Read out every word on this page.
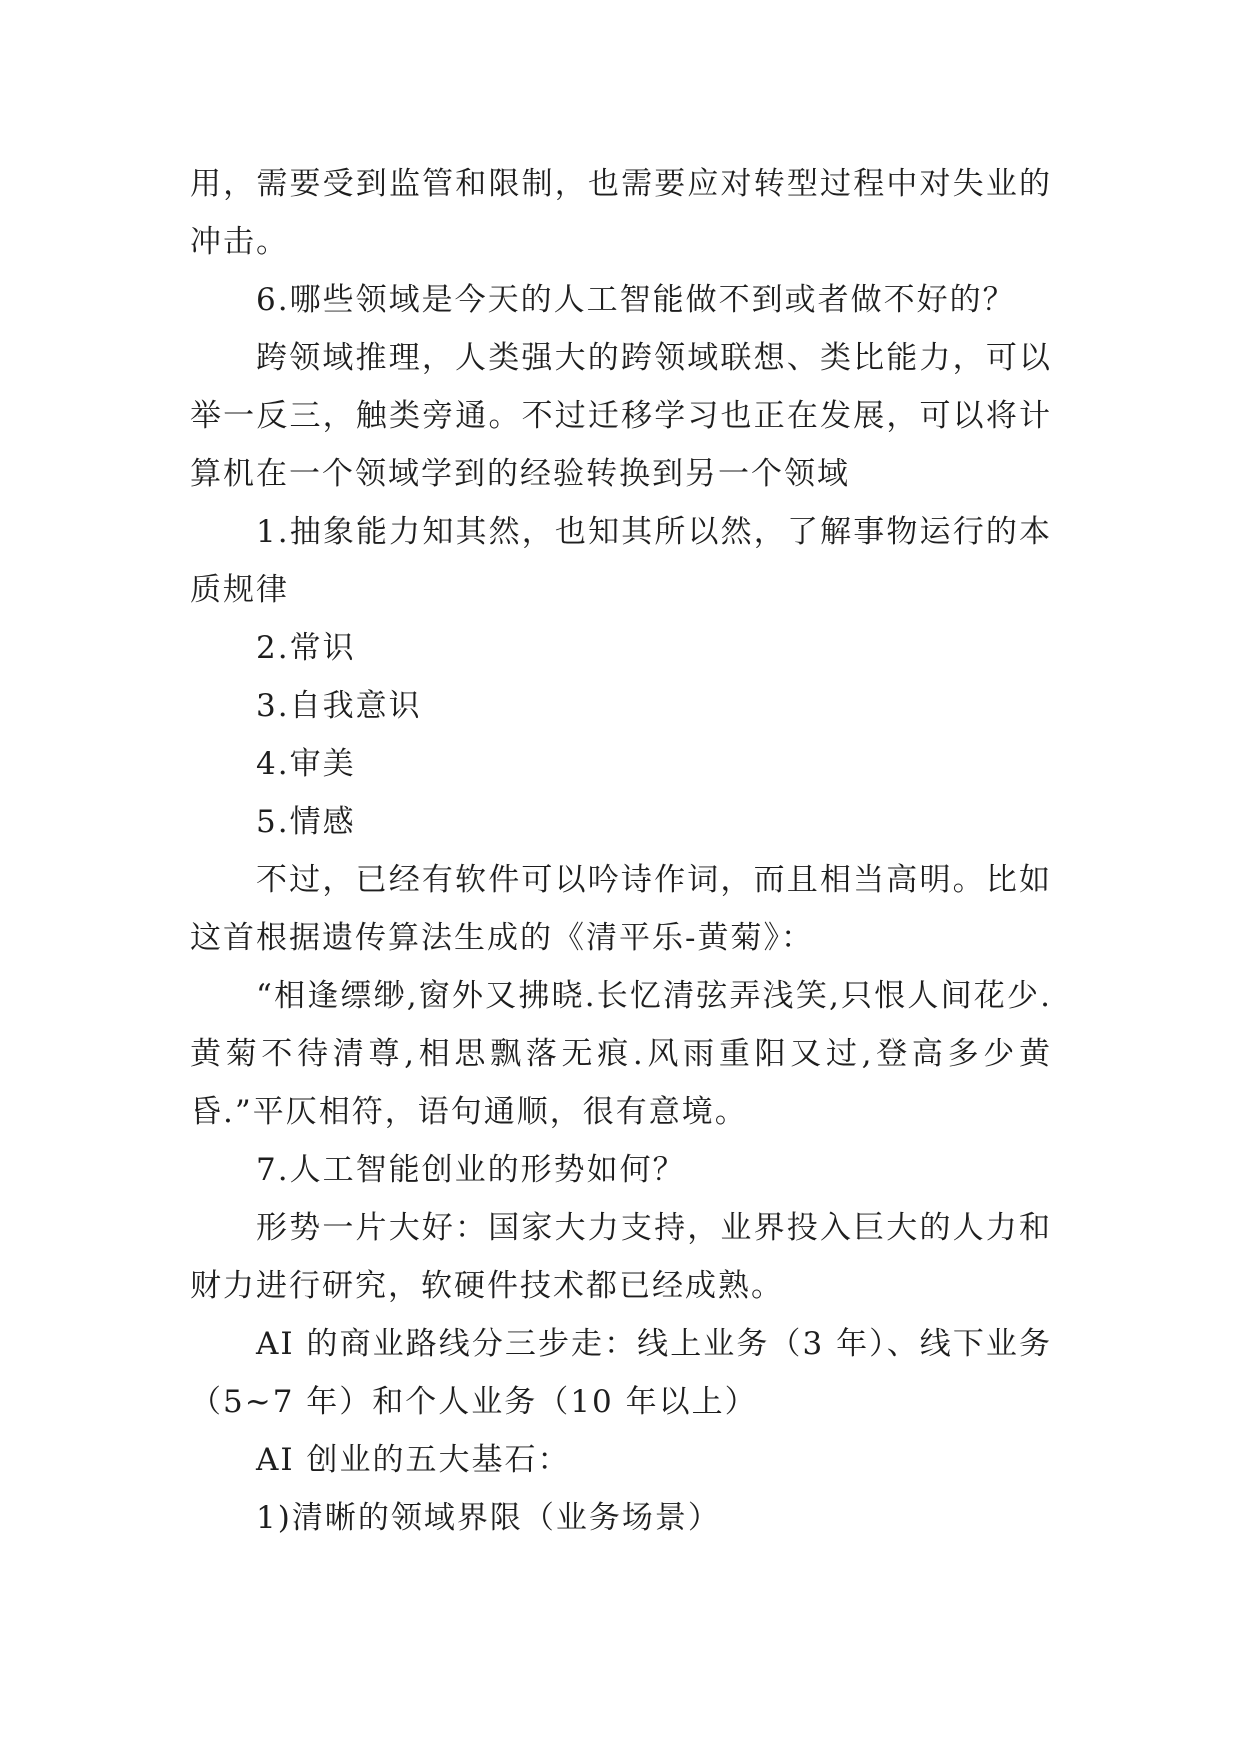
用，需要受到监管和限制，也需要应对转型过程中对失业的冲击。

6.哪些领域是今天的人工智能做不到或者做不好的？

跨领域推理，人类强大的跨领域联想、类比能力，可以举一反三，触类旁通。不过迁移学习也正在发展，可以将计算机在一个领域学到的经验转换到另一个领域

1.抽象能力知其然，也知其所以然，了解事物运行的本质规律

2.常识

3.自我意识

4.审美

5.情感

不过，已经有软件可以吟诗作词，而且相当高明。比如这首根据遗传算法生成的《清平乐-黄菊》：

“相逢缥缈,窗外又拂晓.长忆清弦弄浅笑,只恨人间花少.黄菊不待清尊,相思飘落无痕.风雨重阳又过,登高多少黄昏.”平仄相符，语句通顺，很有意境。

7.人工智能创业的形势如何？

形势一片大好：国家大力支持，业界投入巨大的人力和财力进行研究，软硬件技术都已经成熟。

AI 的商业路线分三步走：线上业务（3 年）、线下业务（5~7 年）和个人业务（10 年以上）

AI 创业的五大基石：

1)清晰的领域界限（业务场景）
